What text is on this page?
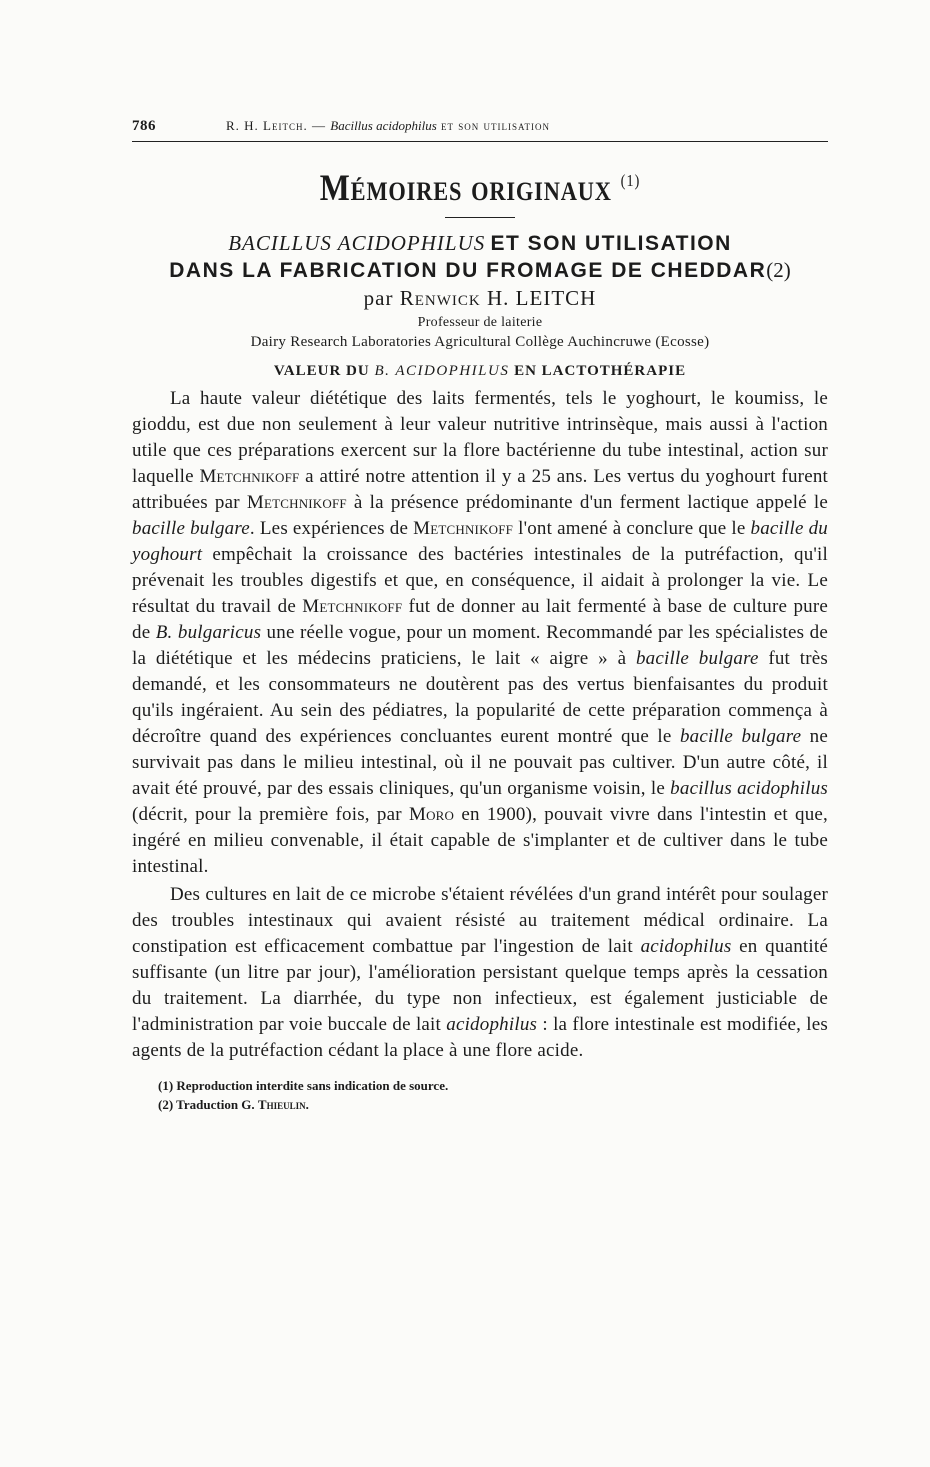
786	R. H. Leitch. — Bacillus acidophilus et son utilisation
Mémoires originaux $^{(1)}$
BACILLUS ACIDOPHILUS ET SON UTILISATION
DANS LA FABRICATION DU FROMAGE DE CHEDDAR(2)
par Renwick H. LEITCH
Professeur de laiterie
Dairy Research Laboratories Agricultural Collège Auchincruwe (Ecosse)
VALEUR DU B. ACIDOPHILUS EN LACTOTHÉRAPIE

La haute valeur diététique des laits fermentés, tels le yoghourt, le koumiss, le gioddu, est due non seulement à leur valeur nutritive intrinsèque, mais aussi à l'action utile que ces préparations exercent sur la flore bactérienne du tube intestinal, action sur laquelle Metchnikoff a attiré notre attention il y a 25 ans. Les vertus du yoghourt furent attribuées par Metchnikoff à la présence prédominante d'un ferment lactique appelé le bacille bulgare. Les expériences de Metchnikoff l'ont amené à conclure que le bacille du yoghourt empêchait la croissance des bactéries intestinales de la putréfaction, qu'il prévenait les troubles digestifs et que, en conséquence, il aidait à prolonger la vie. Le résultat du travail de Metchnikoff fut de donner au lait fermenté à base de culture pure de B. bulgaricus une réelle vogue, pour un moment. Recommandé par les spécialistes de la diététique et les médecins praticiens, le lait « aigre » à bacille bulgare fut très demandé, et les consommateurs ne doutèrent pas des vertus bienfaisantes du produit qu'ils ingéraient. Au sein des pédiatres, la popularité de cette préparation commença à décroître quand des expériences concluantes eurent montré que le bacille bulgare ne survivait pas dans le milieu intestinal, où il ne pouvait pas cultiver. D'un autre côté, il avait été prouvé, par des essais cliniques, qu'un organisme voisin, le bacillus acidophilus (décrit, pour la première fois, par Moro en 1900), pouvait vivre dans l'intestin et que, ingéré en milieu convenable, il était capable de s'implanter et de cultiver dans le tube intestinal.

Des cultures en lait de ce microbe s'étaient révélées d'un grand intérêt pour soulager des troubles intestinaux qui avaient résisté au traitement médical ordinaire. La constipation est efficacement combattue par l'ingestion de lait acidophilus en quantité suffisante (un litre par jour), l'amélioration persistant quelque temps après la cessation du traitement. La diarrhée, du type non infectieux, est également justiciable de l'administration par voie buccale de lait acidophilus : la flore intestinale est modifiée, les agents de la putréfaction cédant la place à une flore acide.

(1) Reproduction interdite sans indication de source.
(2) Traduction G. Thieulin.
